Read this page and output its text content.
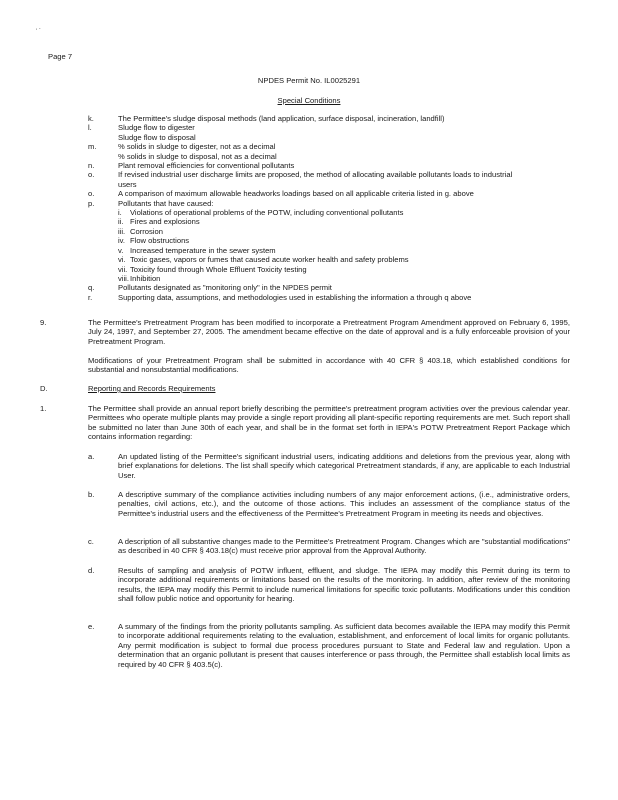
' `
Page 7
NPDES Permit No. IL0025291
Special Conditions
k.	The Permittee's sludge disposal methods (land application, surface disposal, incineration, landfill)
l.	Sludge flow to digester
Sludge flow to disposal
m.	% solids in sludge to digester, not as a decimal
% solids in sludge to disposal, not as a decimal
n.	Plant removal efficiencies for conventional pollutants
o.	If revised industrial user discharge limits are proposed, the method of allocating available pollutants loads to industrial users
o.	A comparison of maximum allowable headworks loadings based on all applicable criteria listed in g. above
p.	Pollutants that have caused:
i.	Violations of operational problems of the POTW, including conventional pollutants
ii. Fires and explosions
iii. Corrosion
iv. Flow obstructions
v. Increased temperature in the sewer system
vi. Toxic gases, vapors or fumes that caused acute worker health and safety problems
vii. Toxicity found through Whole Effluent Toxicity testing
viii. Inhibition
q.	Pollutants designated as "monitoring only" in the NPDES permit
r.	Supporting data, assumptions, and methodologies used in establishing the information a through q above
9.	The Permittee's Pretreatment Program has been modified to incorporate a Pretreatment Program Amendment approved on February 6, 1995, July 24, 1997, and September 27, 2005. The amendment became effective on the date of approval and is a fully enforceable provision of your Pretreatment Program.
Modifications of your Pretreatment Program shall be submitted in accordance with 40 CFR § 403.18, which established conditions for substantial and nonsubstantial modifications.
D.	Reporting and Records Requirements
1.	The Permittee shall provide an annual report briefly describing the permittee's pretreatment program activities over the previous calendar year. Permittees who operate multiple plants may provide a single report providing all plant-specific reporting requirements are met. Such report shall be submitted no later than June 30th of each year, and shall be in the format set forth in IEPA's POTW Pretreatment Report Package which contains information regarding:
a.	An updated listing of the Permittee's significant industrial users, indicating additions and deletions from the previous year, along with brief explanations for deletions. The list shall specify which categorical Pretreatment standards, if any, are applicable to each Industrial User.
b.	A descriptive summary of the compliance activities including numbers of any major enforcement actions, (i.e., administrative orders, penalties, civil actions, etc.), and the outcome of those actions. This includes an assessment of the compliance status of the Permittee's industrial users and the effectiveness of the Permittee's Pretreatment Program in meeting its needs and objectives.
c.	A description of all substantive changes made to the Permittee's Pretreatment Program. Changes which are "substantial modifications" as described in 40 CFR § 403.18(c) must receive prior approval from the Approval Authority.
d.	Results of sampling and analysis of POTW influent, effluent, and sludge. The IEPA may modify this Permit during its term to incorporate additional requirements or limitations based on the results of the monitoring. In addition, after review of the monitoring results, the IEPA may modify this Permit to include numerical limitations for specific toxic pollutants. Modifications under this condition shall follow public notice and opportunity for hearing.
e.	A summary of the findings from the priority pollutants sampling. As sufficient data becomes available the IEPA may modify this Permit to incorporate additional requirements relating to the evaluation, establishment, and enforcement of local limits for organic pollutants. Any permit modification is subject to formal due process procedures pursuant to State and Federal law and regulation. Upon a determination that an organic pollutant is present that causes interference or pass through, the Permittee shall establish local limits as required by 40 CFR § 403.5(c).
